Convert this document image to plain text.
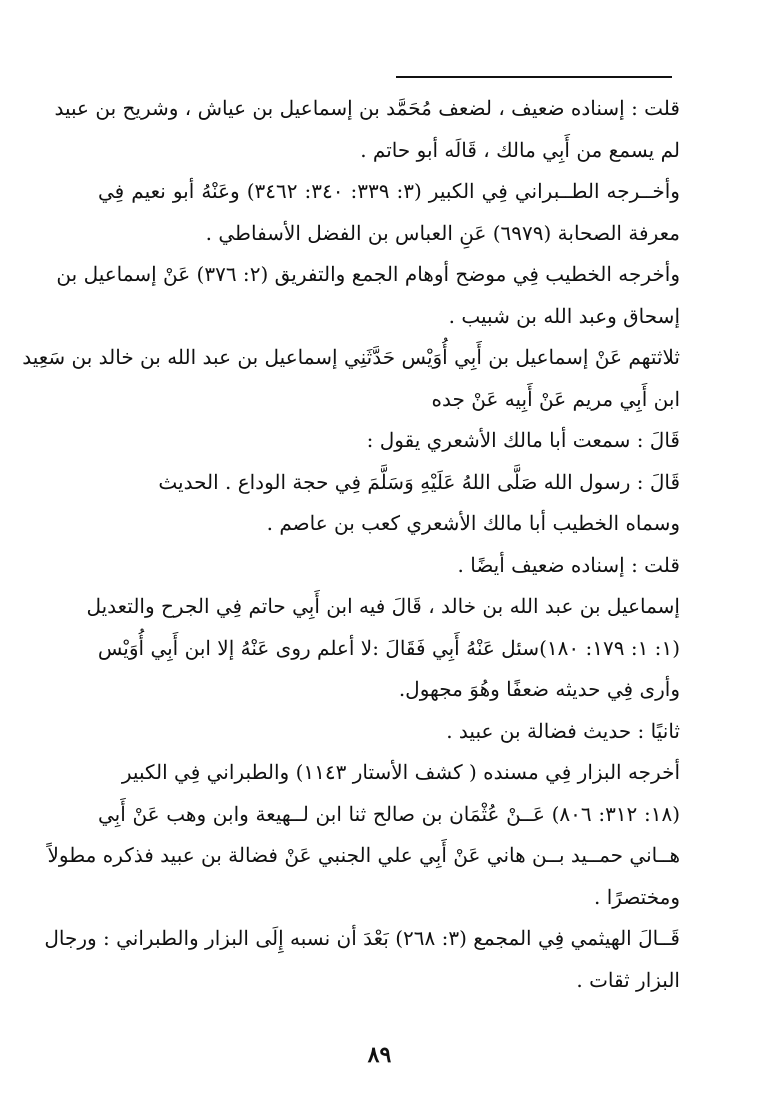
قلت : إسناده ضعيف ، لضعف مُحَمَّد بن إسماعيل بن عياش ، وشريح بن عبيد
لم يسمع من أَبِي مالك ، قَالَه أبو حاتم .
وأخــرجه الطــبراني فِي الكبير (٣: ٣٣٩: ٣٤٠: ٣٤٦٢) وعَنْهُ أبو نعيم فِي
معرفة الصحابة (٦٩٧٩) عَنِ العباس بن الفضل الأسفاطي .
وأخرجه الخطيب فِي موضح أوهام الجمع والتفريق (٢: ٣٧٦) عَنْ إسماعيل بن
إسحاق وعبد الله بن شبيب .
ثلاثتهم عَنْ إسماعيل بن أَبِي أُوَيْس حَدَّثَنِي إسماعيل بن عبد الله بن خالد بن سَعِيد
ابن أَبِي مريم عَنْ أَبِيه عَنْ جده
قَالَ : سمعت أبا مالك الأشعري يقول :
قَالَ : رسول الله صَلَّى اللهُ عَلَيْهِ وَسَلَّمَ فِي حجة الوداع . الحديث
وسماه الخطيب أبا مالك الأشعري كعب بن عاصم .
قلت : إسناده ضعيف أيضًا .
إسماعيل بن عبد الله بن خالد ، قَالَ فيه ابن أَبِي حاتم فِي الجرح والتعديل
(١: ١: ١٧٩: ١٨٠)سئل عَنْهُ أَبِي فَقَالَ :لا أعلم روى عَنْهُ إلا ابن أَبِي أُوَيْس
وأرى فِي حديثه ضعفًا وهُوَ مجهول.
ثانيًا : حديث فضالة بن عبيد .
أخرجه البزار فِي مسنده ( كشف الأستار ١١٤٣) والطبراني فِي الكبير
(١٨: ٣١٢: ٨٠٦) عَــنْ عُثْمَان بن صالح ثنا ابن لــهيعة وابن وهب عَنْ أَبِي
هــاني حمــيد بــن هاني عَنْ أَبِي علي الجنبي عَنْ فضالة بن عبيد فذكره مطولاً
ومختصرًا .
قَــالَ الهيثمي فِي المجمع (٣: ٢٦٨) بَعْدَ أن نسبه إِلَى البزار والطبراني : ورجال
البزار ثقات .
٨٩
